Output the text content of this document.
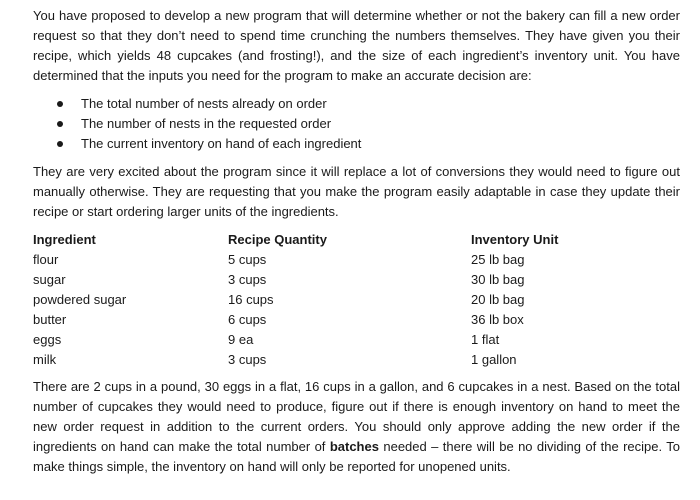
You have proposed to develop a new program that will determine whether or not the bakery can fill a new order request so that they don’t need to spend time crunching the numbers themselves. They have given you their recipe, which yields 48 cupcakes (and frosting!), and the size of each ingredient’s inventory unit. You have determined that the inputs you need for the program to make an accurate decision are:

The total number of nests already on order
The number of nests in the requested order
The current inventory on hand of each ingredient

They are very excited about the program since it will replace a lot of conversions they would need to figure out manually otherwise. They are requesting that you make the program easily adaptable in case they update their recipe or start ordering larger units of the ingredients.

Ingredient	Recipe Quantity	Inventory Unit
flour	5 cups	25 lb bag
sugar	3 cups	30 lb bag
powdered sugar	16 cups	20 lb bag
butter	6 cups	36 lb box
eggs	9 ea	1 flat
milk	3 cups	1 gallon

There are 2 cups in a pound, 30 eggs in a flat, 16 cups in a gallon, and 6 cupcakes in a nest. Based on the total number of cupcakes they would need to produce, figure out if there is enough inventory on hand to meet the new order request in addition to the current orders. You should only approve adding the new order if the ingredients on hand can make the total number of batches needed – there will be no dividing of the recipe. To make things simple, the inventory on hand will only be reported for unopened units.
